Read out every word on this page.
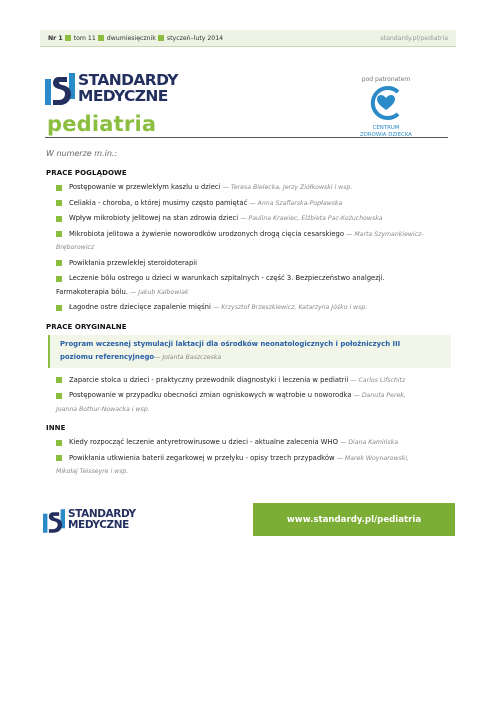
Nr 1 tom 11 dwumiesięcznik styczeń–luty 2014	standardy.pl/pediatria
STANDARDY
MEDYCZNE
pediatria
pod patronatem
CENTRUM
ZDROWIA DZIECKA
W numerze m.in.:
PRACE POGLĄDOWE
Postępowanie w przewlekłym kaszlu u dzieci — Teresa Bielecka, Jerzy Ziółkowski i wsp.
Celiakia - choroba, o której musimy często pamiętać — Anna Szaflarska-Popławska
Wpływ mikrobioty jelitowej na stan zdrowia dzieci — Paulina Krawiec, Elżbieta Pac-Kożuchowska
Mikrobiota jelitowa a żywienie noworodków urodzonych drogą cięcia cesarskiego — Marta Szymankiewicz-
Bręborowicz
Powikłania przewlekłej steroidoterapii
Leczenie bólu ostrego u dzieci w warunkach szpitalnych - część 3. Bezpieczeństwo analgezji.
Farmakoterapia bólu. — Jakub Kalbowiak
Łagodne ostre dziecięce zapalenie mięśni — Krzysztof Brzeszkiewicz, Katarzyna Jóśko i wsp.
PRACE ORYGINALNE
Program wczesnej stymulacji laktacji dla ośrodków neonatologicznych i położniczych III
poziomu referencyjnego— Jolanta Baszczeska
Zaparcie stolca u dzieci - praktyczny przewodnik diagnostyki i leczenia w pediatrii — Carlos Lifschitz
Postępowanie w przypadku obecności zmian ogniskowych w wątrobie u noworodka — Danuta Perek,
Joanna Bothur-Nowacka i wsp.
INNE
Kiedy rozpocząć leczenie antyretrowirusowe u dzieci - aktualne zalecenia WHO — Diana Kamińska
Powikłania utkwienia baterii zegarkowej w przełyku - opisy trzech przypadków — Marek Woynarowski,
Mikołaj Teisseyre i wsp.
STANDARDY
MEDYCZNE	www.standardy.pl/pediatria
